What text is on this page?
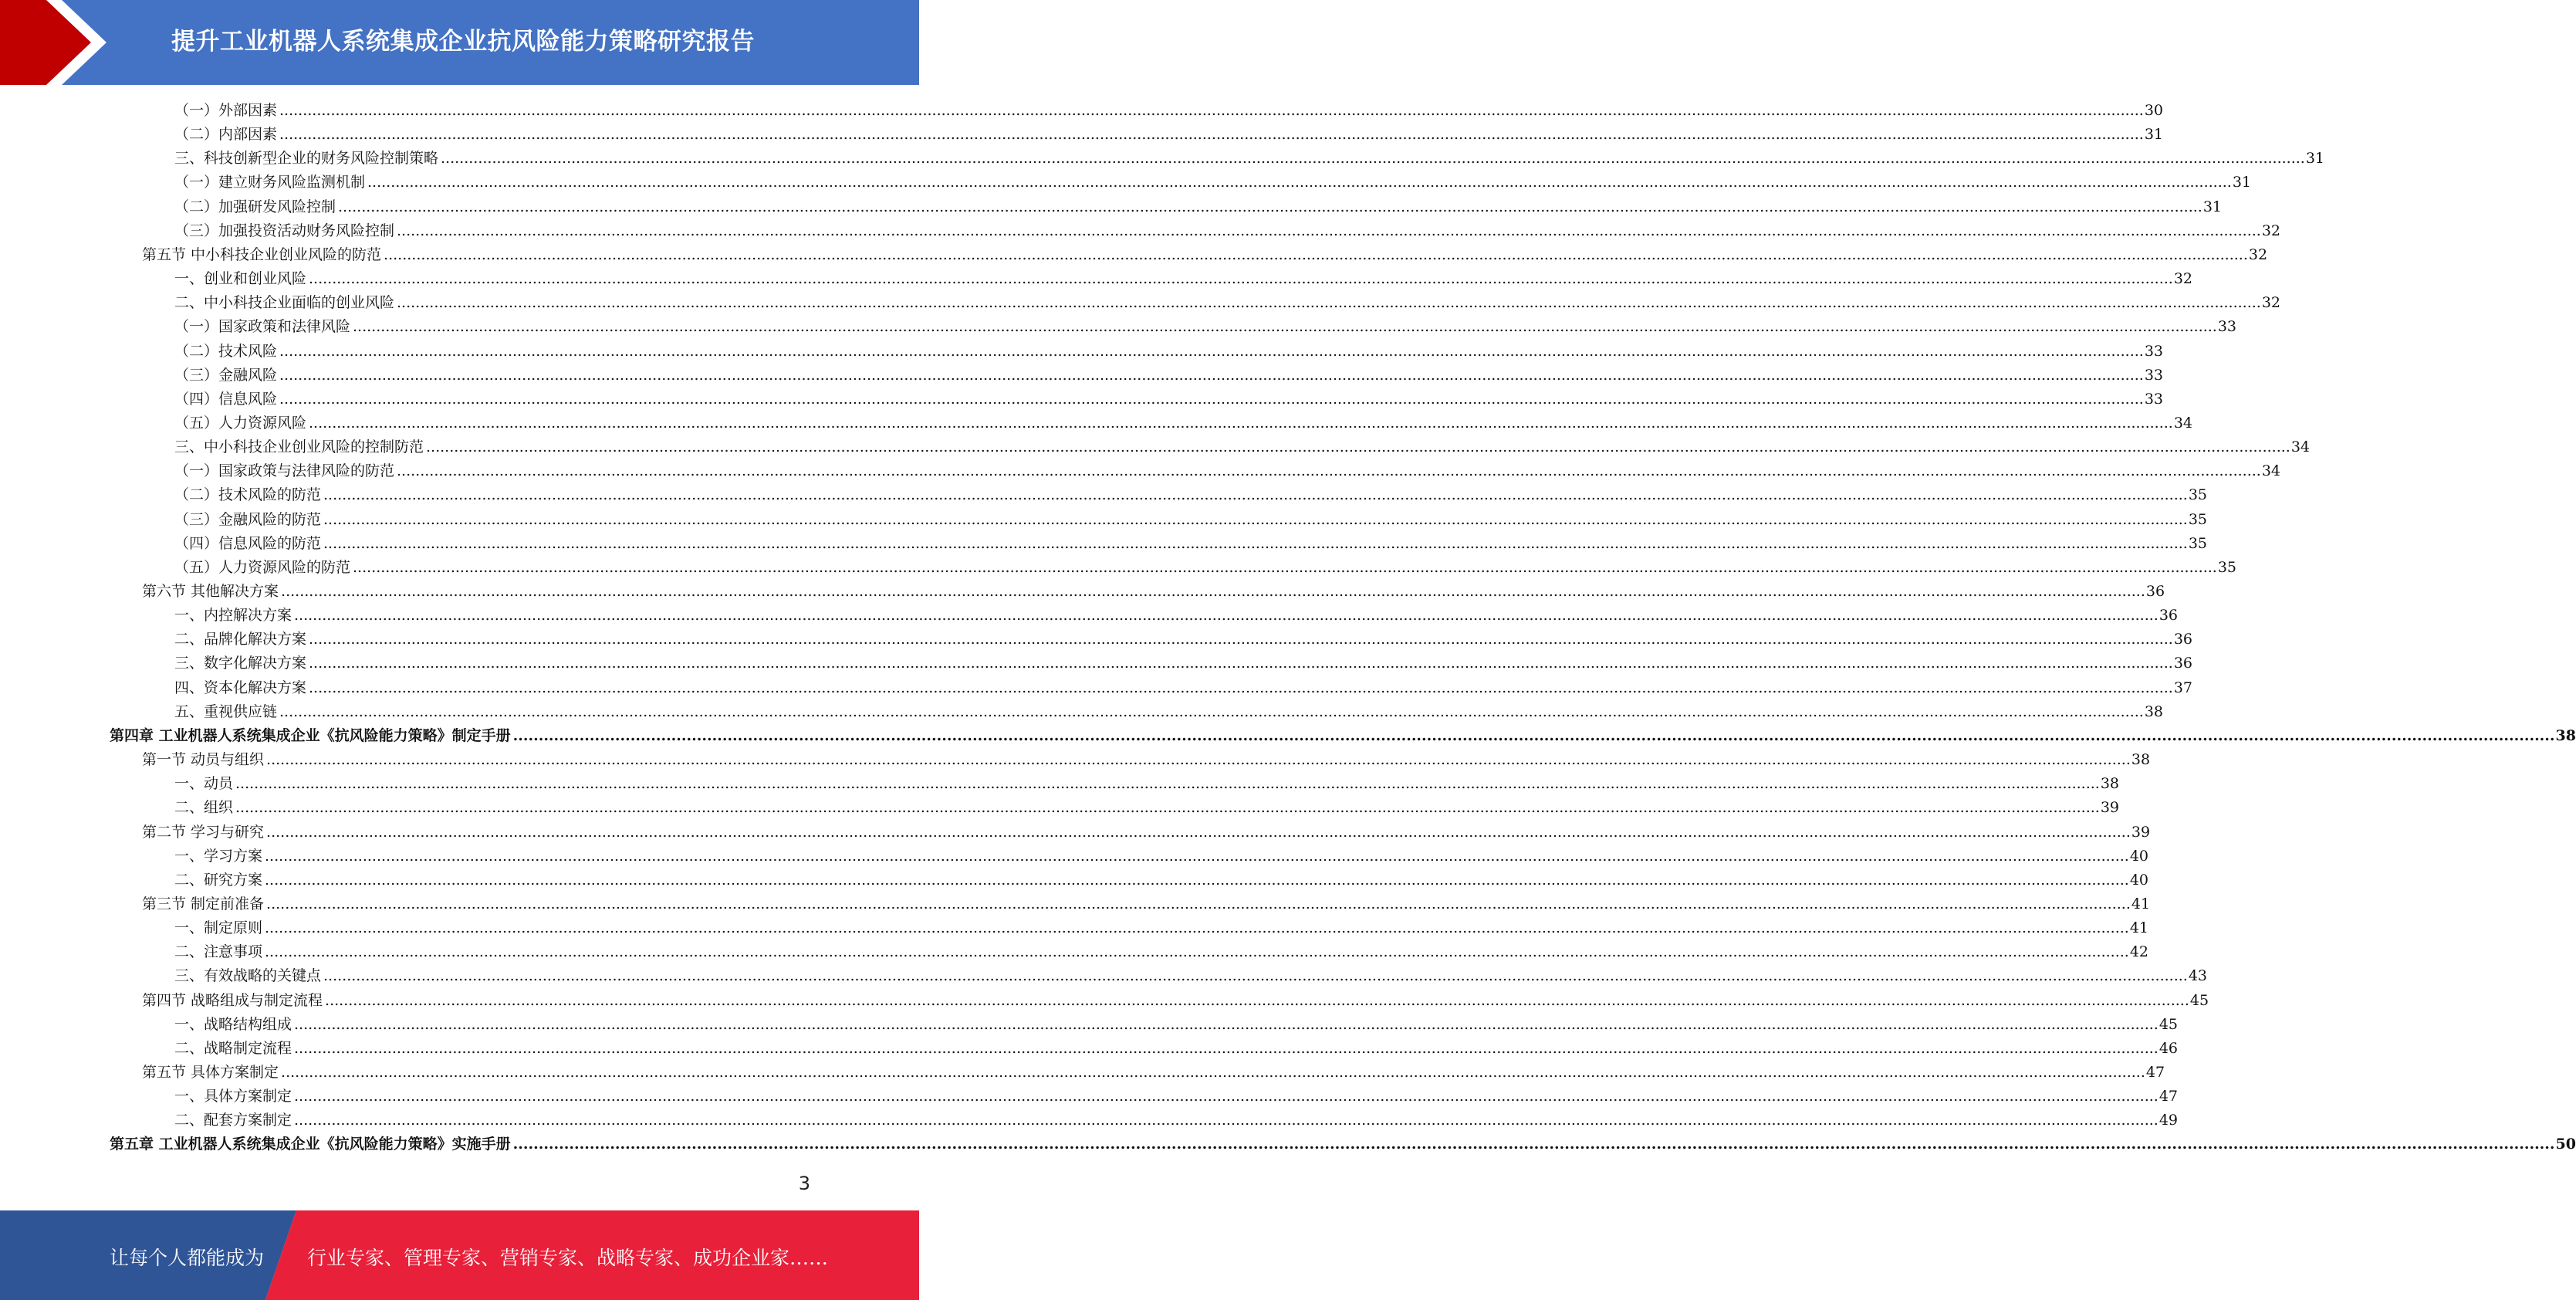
提升工业机器人系统集成企业抗风险能力策略研究报告
（一）外部因素 ................................................................................................................................................................................................................................................................................................................................................................................................................ 30
（二）内部因素 ................................................................................................................................................................................................................................................................................................................................................................................................................ 31
三、科技创新型企业的财务风险控制策略 ................................................................................................................................................................................................................................................................................................................................................................................................................ 31
（一）建立财务风险监测机制 ................................................................................................................................................................................................................................................................................................................................................................................................................ 31
（二）加强研发风险控制 ................................................................................................................................................................................................................................................................................................................................................................................................................ 31
（三）加强投资活动财务风险控制 ................................................................................................................................................................................................................................................................................................................................................................................................................ 32
第五节 中小科技企业创业风险的防范 ................................................................................................................................................................................................................................................................................................................................................................................................................ 32
一、创业和创业风险 ................................................................................................................................................................................................................................................................................................................................................................................................................ 32
二、中小科技企业面临的创业风险 ................................................................................................................................................................................................................................................................................................................................................................................................................ 32
（一）国家政策和法律风险 ................................................................................................................................................................................................................................................................................................................................................................................................................ 33
（二）技术风险 ................................................................................................................................................................................................................................................................................................................................................................................................................ 33
（三）金融风险 ................................................................................................................................................................................................................................................................................................................................................................................................................ 33
（四）信息风险 ................................................................................................................................................................................................................................................................................................................................................................................................................ 33
（五）人力资源风险 ................................................................................................................................................................................................................................................................................................................................................................................................................ 34
三、中小科技企业创业风险的控制防范 ................................................................................................................................................................................................................................................................................................................................................................................................................ 34
（一）国家政策与法律风险的防范 ................................................................................................................................................................................................................................................................................................................................................................................................................ 34
（二）技术风险的防范 ................................................................................................................................................................................................................................................................................................................................................................................................................ 35
（三）金融风险的防范 ................................................................................................................................................................................................................................................................................................................................................................................................................ 35
（四）信息风险的防范 ................................................................................................................................................................................................................................................................................................................................................................................................................ 35
（五）人力资源风险的防范 ................................................................................................................................................................................................................................................................................................................................................................................................................ 35
第六节 其他解决方案 ................................................................................................................................................................................................................................................................................................................................................................................................................ 36
一、内控解决方案 ................................................................................................................................................................................................................................................................................................................................................................................................................ 36
二、品牌化解决方案 ................................................................................................................................................................................................................................................................................................................................................................................................................ 36
三、数字化解决方案 ................................................................................................................................................................................................................................................................................................................................................................................................................ 36
四、资本化解决方案 ................................................................................................................................................................................................................................................................................................................................................................................................................ 37
五、重视供应链 ................................................................................................................................................................................................................................................................................................................................................................................................................ 38
第四章 工业机器人系统集成企业《抗风险能力策略》制定手册 ................................................................................................................................................................................................................................................................................................................................................................................................................ 38
第一节 动员与组织 ................................................................................................................................................................................................................................................................................................................................................................................................................ 38
一、动员 ................................................................................................................................................................................................................................................................................................................................................................................................................ 38
二、组织 ................................................................................................................................................................................................................................................................................................................................................................................................................ 39
第二节 学习与研究 ................................................................................................................................................................................................................................................................................................................................................................................................................ 39
一、学习方案 ................................................................................................................................................................................................................................................................................................................................................................................................................ 40
二、研究方案 ................................................................................................................................................................................................................................................................................................................................................................................................................ 40
第三节 制定前准备 ................................................................................................................................................................................................................................................................................................................................................................................................................ 41
一、制定原则 ................................................................................................................................................................................................................................................................................................................................................................................................................ 41
二、注意事项 ................................................................................................................................................................................................................................................................................................................................................................................................................ 42
三、有效战略的关键点 ................................................................................................................................................................................................................................................................................................................................................................................................................ 43
第四节 战略组成与制定流程 ................................................................................................................................................................................................................................................................................................................................................................................................................ 45
一、战略结构组成 ................................................................................................................................................................................................................................................................................................................................................................................................................ 45
二、战略制定流程 ................................................................................................................................................................................................................................................................................................................................................................................................................ 46
第五节 具体方案制定 ................................................................................................................................................................................................................................................................................................................................................................................................................ 47
一、具体方案制定 ................................................................................................................................................................................................................................................................................................................................................................................................................ 47
二、配套方案制定 ................................................................................................................................................................................................................................................................................................................................................................................................................ 49
第五章 工业机器人系统集成企业《抗风险能力策略》实施手册 ................................................................................................................................................................................................................................................................................................................................................................................................................ 50
3
让每个人都能成为 行业专家、管理专家、营销专家、战略专家、成功企业家……
